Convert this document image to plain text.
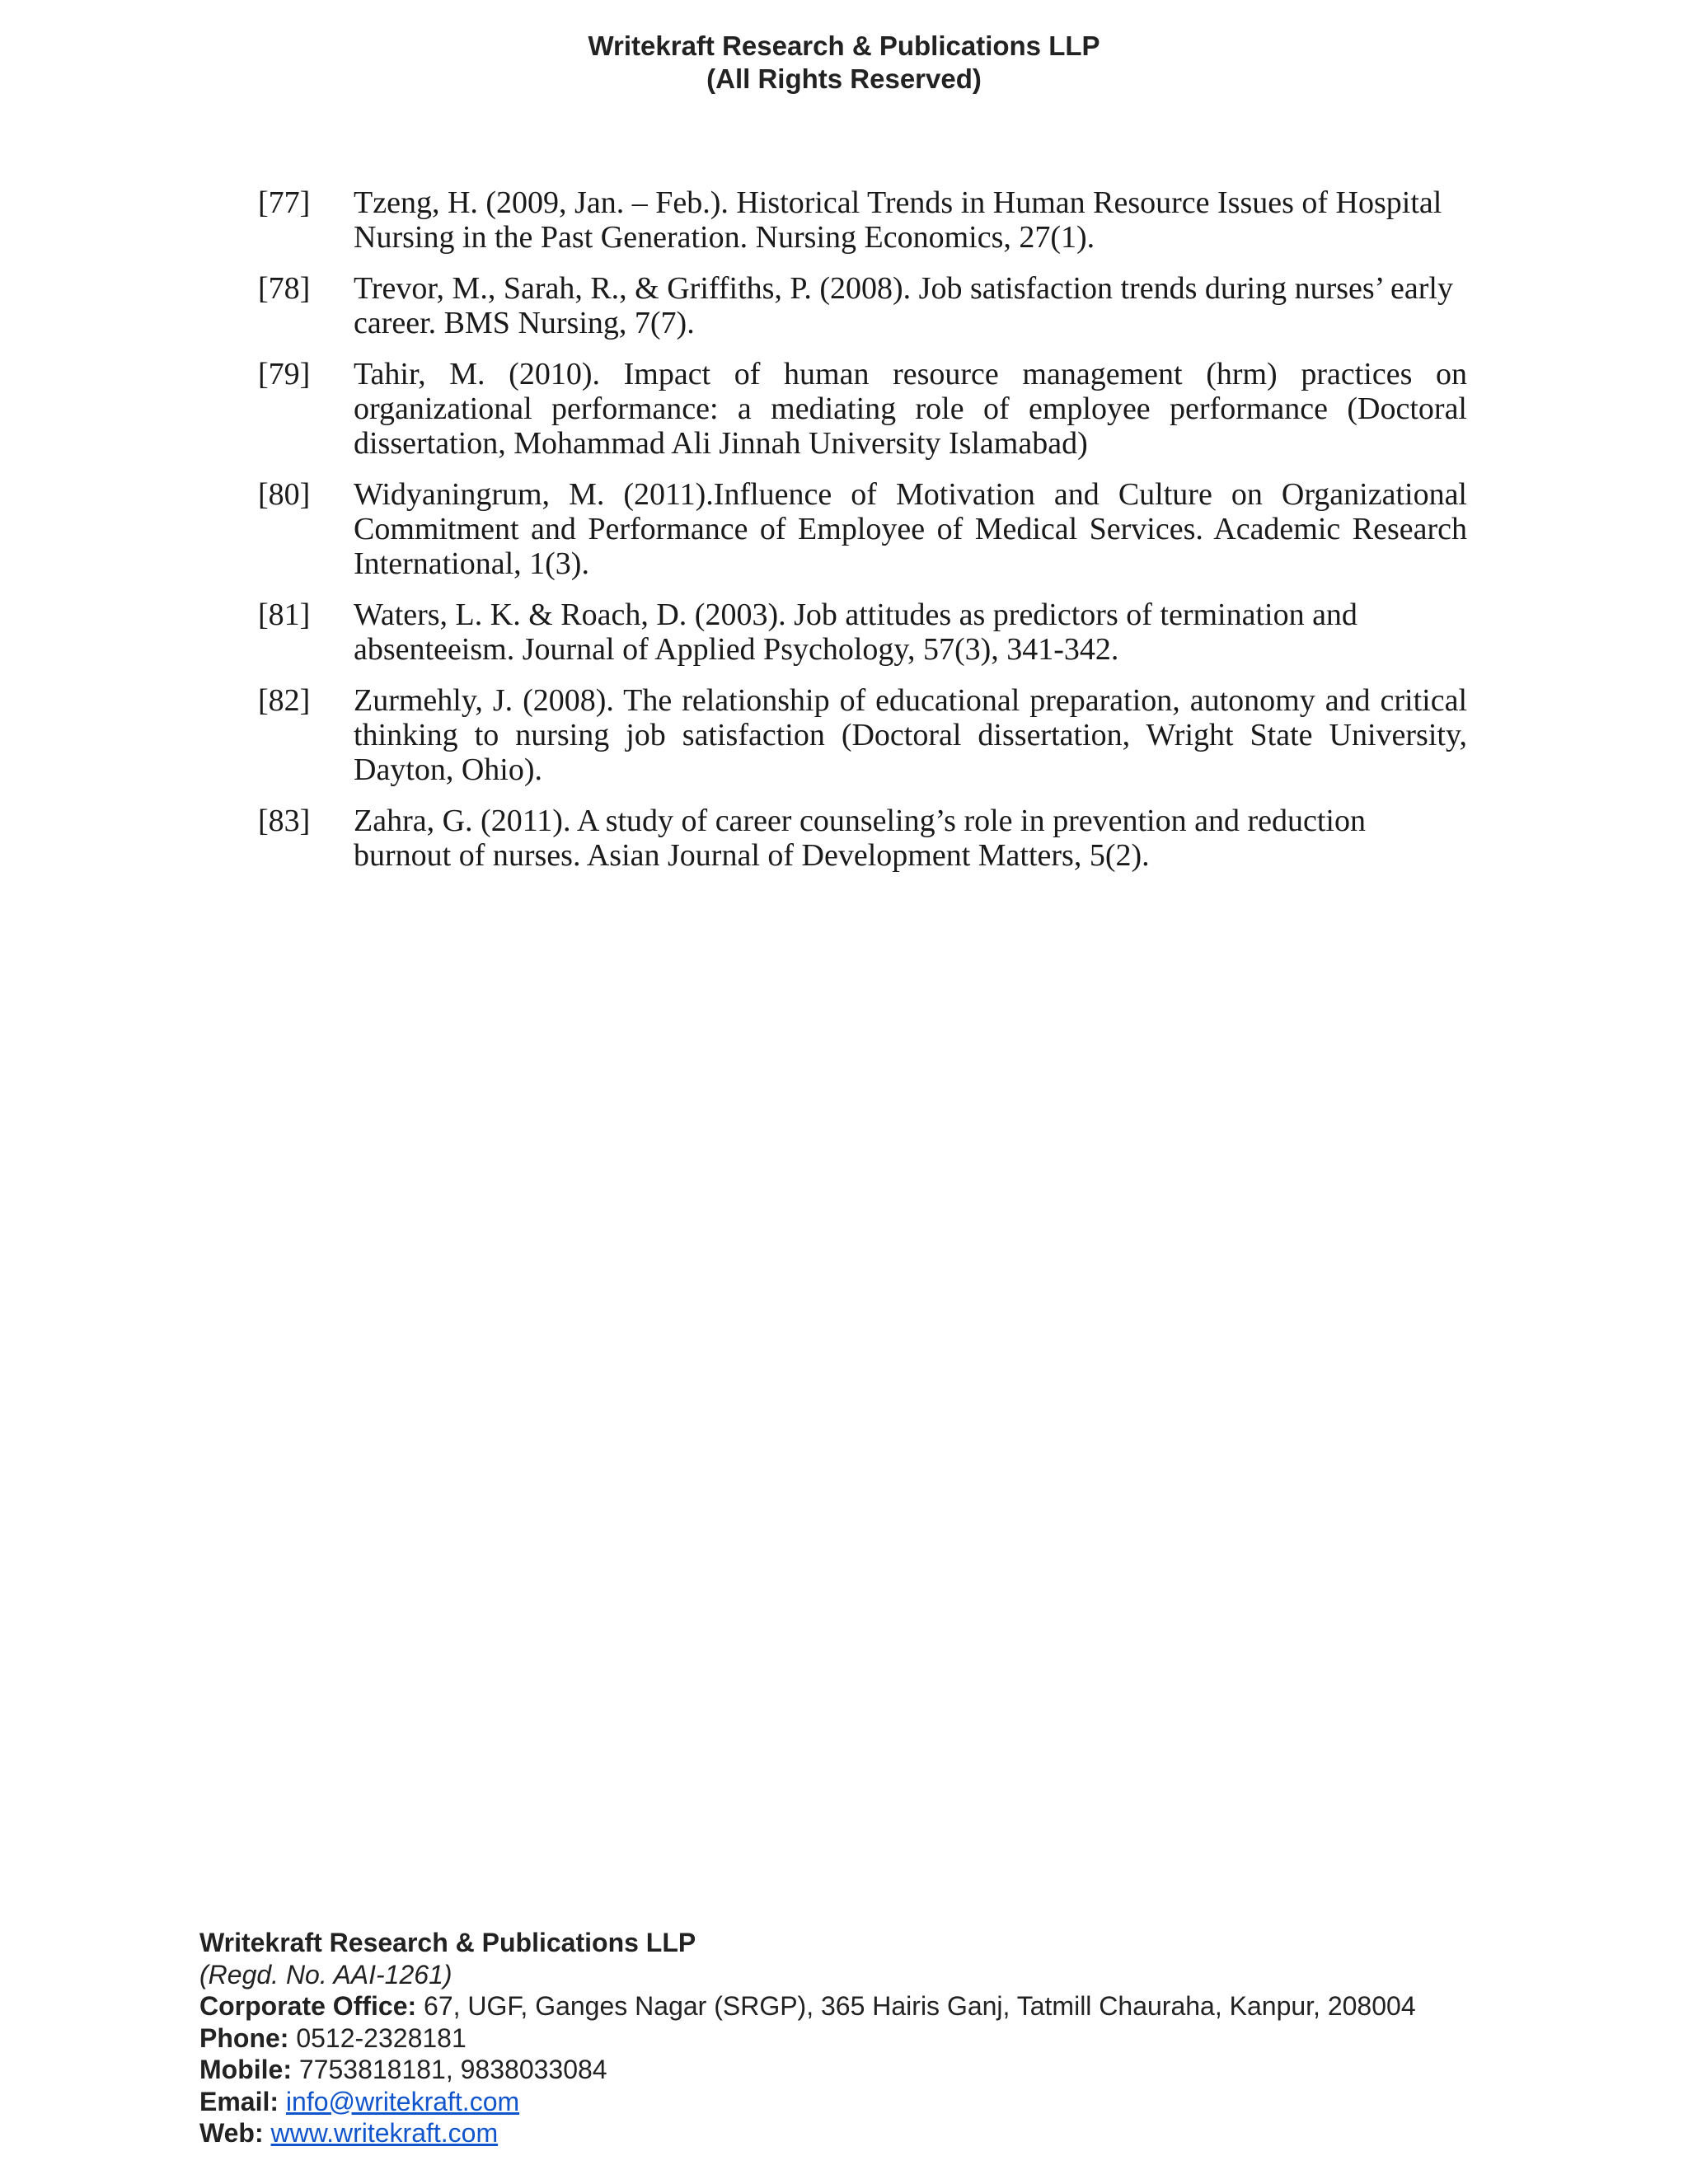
Writekraft Research & Publications LLP
(All Rights Reserved)
[77]	Tzeng, H. (2009, Jan. – Feb.). Historical Trends in Human Resource Issues of Hospital Nursing in the Past Generation. Nursing Economics, 27(1).
[78]	Trevor, M., Sarah, R., & Griffiths, P. (2008). Job satisfaction trends during nurses’ early career. BMS Nursing, 7(7).
[79]	Tahir, M. (2010). Impact of human resource management (hrm) practices on organizational performance: a mediating role of employee performance (Doctoral dissertation, Mohammad Ali Jinnah University Islamabad)
[80]	Widyaningrum, M. (2011).Influence of Motivation and Culture on Organizational Commitment and Performance of Employee of Medical Services. Academic Research International, 1(3).
[81]	Waters, L. K. & Roach, D. (2003). Job attitudes as predictors of termination and absenteeism. Journal of Applied Psychology, 57(3), 341-342.
[82]	Zurmehly, J. (2008). The relationship of educational preparation, autonomy and critical thinking to nursing job satisfaction (Doctoral dissertation, Wright State University, Dayton, Ohio).
[83]	Zahra, G. (2011). A study of career counseling’s role in prevention and reduction burnout of nurses. Asian Journal of Development Matters, 5(2).
Writekraft Research & Publications LLP
(Regd. No. AAI-1261)
Corporate Office: 67, UGF, Ganges Nagar (SRGP), 365 Hairis Ganj, Tatmill Chauraha, Kanpur, 208004
Phone: 0512-2328181
Mobile: 7753818181, 9838033084
Email: info@writekraft.com
Web: www.writekraft.com
